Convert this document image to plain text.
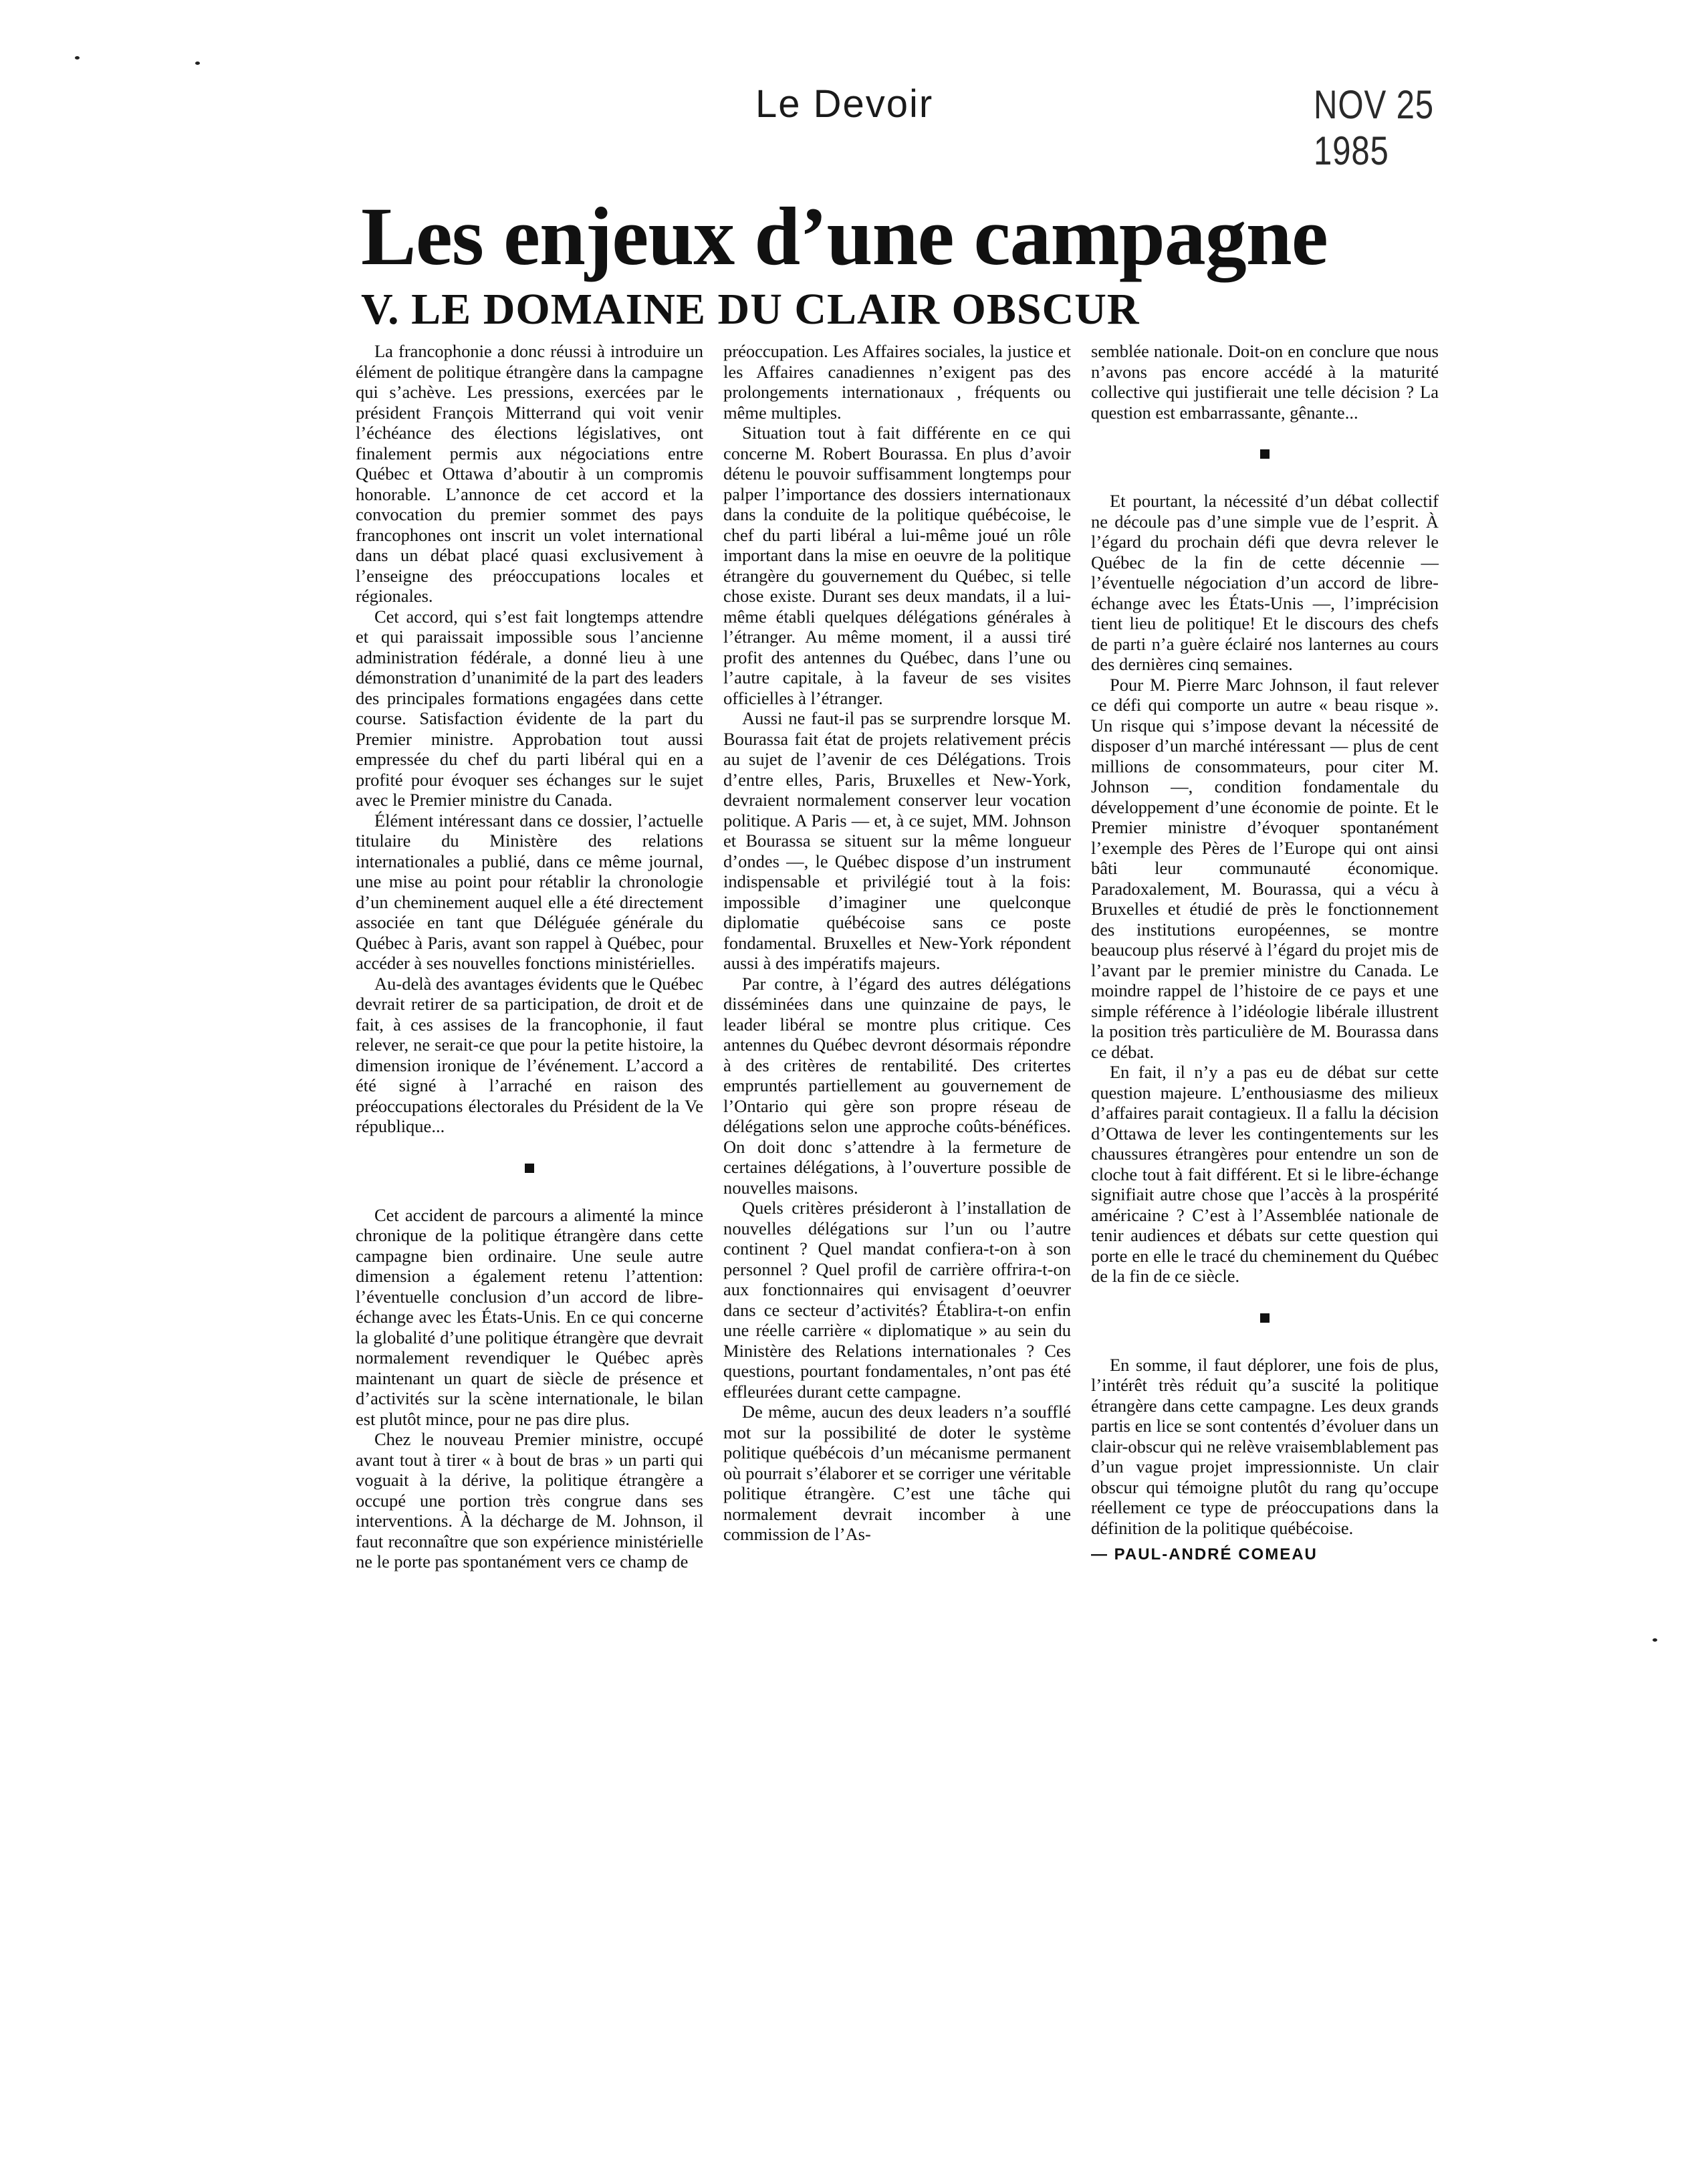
Le Devoir	NOV 25 1985
Les enjeux d’une campagne
V. LE DOMAINE DU CLAIR OBSCUR

La francophonie a donc réussi à introduire un élément de politique étrangère dans la campagne qui s’achève. Les pressions, exercées par le président François Mitterrand qui voit venir l’échéance des élections législatives, ont finalement permis aux négociations entre Québec et Ottawa d’aboutir à un compromis honorable. L’annonce de cet accord et la convocation du premier sommet des pays francophones ont inscrit un volet international dans un débat placé quasi exclusivement à l’enseigne des préoccupations locales et régionales.

Cet accord, qui s’est fait longtemps attendre et qui paraissait impossible sous l’ancienne administration fédérale, a donné lieu à une démonstration d’unanimité de la part des leaders des principales formations engagées dans cette course. Satisfaction évidente de la part du Premier ministre. Approbation tout aussi empressée du chef du parti libéral qui en a profité pour évoquer ses échanges sur le sujet avec le Premier ministre du Canada.

Élément intéressant dans ce dossier, l’actuelle titulaire du Ministère des relations internationales a publié, dans ce même journal, une mise au point pour rétablir la chronologie d’un cheminement auquel elle a été directement associée en tant que Déléguée générale du Québec à Paris, avant son rappel à Québec, pour accéder à ses nouvelles fonctions ministérielles.

Au-delà des avantages évidents que le Québec devrait retirer de sa participation, de droit et de fait, à ces assises de la francophonie, il faut relever, ne serait-ce que pour la petite histoire, la dimension ironique de l’événement. L’accord a été signé à l’arraché en raison des préoccupations électorales du Président de la Ve république...

Cet accident de parcours a alimenté la mince chronique de la politique étrangère dans cette campagne bien ordinaire. Une seule autre dimension a également retenu l’attention: l’éventuelle conclusion d’un accord de libre-échange avec les États-Unis. En ce qui concerne la globalité d’une politique étrangère que devrait normalement revendiquer le Québec après maintenant un quart de siècle de présence et d’activités sur la scène internationale, le bilan est plutôt mince, pour ne pas dire plus.

Chez le nouveau Premier ministre, occupé avant tout à tirer « à bout de bras » un parti qui voguait à la dérive, la politique étrangère a occupé une portion très congrue dans ses interventions. À la décharge de M. Johnson, il faut reconnaître que son expérience ministérielle ne le porte pas spontanément vers ce champ de

préoccupation. Les Affaires sociales, la justice et les Affaires canadiennes n’exigent pas des prolongements internationaux , fréquents ou même multiples.

Situation tout à fait différente en ce qui concerne M. Robert Bourassa. En plus d’avoir détenu le pouvoir suffisamment longtemps pour palper l’importance des dossiers internationaux dans la conduite de la politique québécoise, le chef du parti libéral a lui-même joué un rôle important dans la mise en oeuvre de la politique étrangère du gouvernement du Québec, si telle chose existe. Durant ses deux mandats, il a lui-même établi quelques délégations générales à l’étranger. Au même moment, il a aussi tiré profit des antennes du Québec, dans l’une ou l’autre capitale, à la faveur de ses visites officielles à l’étranger.

Aussi ne faut-il pas se surprendre lorsque M. Bourassa fait état de projets relativement précis au sujet de l’avenir de ces Délégations. Trois d’entre elles, Paris, Bruxelles et New-York, devraient normalement conserver leur vocation politique. A Paris — et, à ce sujet, MM. Johnson et Bourassa se situent sur la même longueur d’ondes —, le Québec dispose d’un instrument indispensable et privilégié tout à la fois: impossible d’imaginer une quelconque diplomatie québécoise sans ce poste fondamental. Bruxelles et New-York répondent aussi à des impératifs majeurs.

Par contre, à l’égard des autres délégations disséminées dans une quinzaine de pays, le leader libéral se montre plus critique. Ces antennes du Québec devront désormais répondre à des critères de rentabilité. Des critertes empruntés partiellement au gouvernement de l’Ontario qui gère son propre réseau de délégations selon une approche coûts-bénéfices. On doit donc s’attendre à la fermeture de certaines délégations, à l’ouverture possible de nouvelles maisons.

Quels critères présideront à l’installation de nouvelles délégations sur l’un ou l’autre continent ? Quel mandat confiera-t-on à son personnel ? Quel profil de carrière offrira-t-on aux fonctionnaires qui envisagent d’oeuvrer dans ce secteur d’activités? Établira-t-on enfin une réelle carrière « diplomatique » au sein du Ministère des Relations internationales ? Ces questions, pourtant fondamentales, n’ont pas été effleurées durant cette campagne.

De même, aucun des deux leaders n’a soufflé mot sur la possibilité de doter le système politique québécois d’un mécanisme permanent où pourrait s’élaborer et se corriger une véritable politique étrangère. C’est une tâche qui normalement devrait incomber à une commission de l’As-

semblée nationale. Doit-on en conclure que nous n’avons pas encore accédé à la maturité collective qui justifierait une telle décision ? La question est embarrassante, gênante...

Et pourtant, la nécessité d’un débat collectif ne découle pas d’une simple vue de l’esprit. À l’égard du prochain défi que devra relever le Québec de la fin de cette décennie — l’éventuelle négociation d’un accord de libre-échange avec les États-Unis —, l’imprécision tient lieu de politique! Et le discours des chefs de parti n’a guère éclairé nos lanternes au cours des dernières cinq semaines.

Pour M. Pierre Marc Johnson, il faut relever ce défi qui comporte un autre « beau risque ». Un risque qui s’impose devant la nécessité de disposer d’un marché intéressant — plus de cent millions de consommateurs, pour citer M. Johnson —, condition fondamentale du développement d’une économie de pointe. Et le Premier ministre d’évoquer spontanément l’exemple des Pères de l’Europe qui ont ainsi bâti leur communauté économique. Paradoxalement, M. Bourassa, qui a vécu à Bruxelles et étudié de près le fonctionnement des institutions européennes, se montre beaucoup plus réservé à l’égard du projet mis de l’avant par le premier ministre du Canada. Le moindre rappel de l’histoire de ce pays et une simple référence à l’idéologie libérale illustrent la position très particulière de M. Bourassa dans ce débat.

En fait, il n’y a pas eu de débat sur cette question majeure. L’enthousiasme des milieux d’affaires parait contagieux. Il a fallu la décision d’Ottawa de lever les contingentements sur les chaussures étrangères pour entendre un son de cloche tout à fait différent. Et si le libre-échange signifiait autre chose que l’accès à la prospérité américaine ? C’est à l’Assemblée nationale de tenir audiences et débats sur cette question qui porte en elle le tracé du cheminement du Québec de la fin de ce siècle.

En somme, il faut déplorer, une fois de plus, l’intérêt très réduit qu’a suscité la politique étrangère dans cette campagne. Les deux grands partis en lice se sont contentés d’évoluer dans un clair-obscur qui ne relève vraisemblablement pas d’un vague projet impressionniste. Un clair obscur qui témoigne plutôt du rang qu’occupe réellement ce type de préoccupations dans la définition de la politique québécoise.

— PAUL-ANDRÉ COMEAU
